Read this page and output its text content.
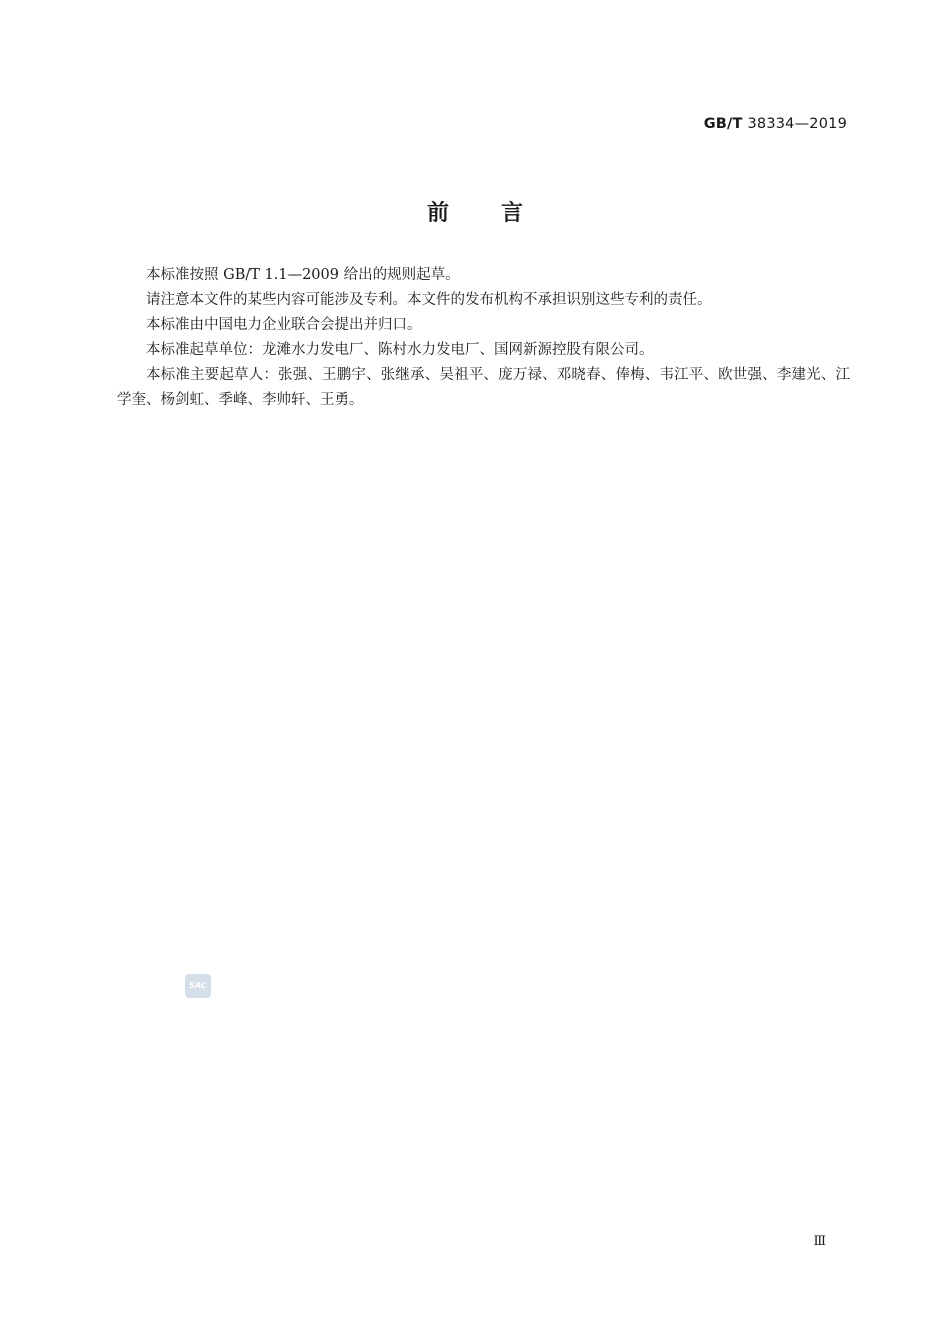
GB/T 38334—2019
前言

本标准按照 GB/T 1.1—2009 给出的规则起草。

请注意本文件的某些内容可能涉及专利。本文件的发布机构不承担识别这些专利的责任。

本标准由中国电力企业联合会提出并归口。

本标准起草单位：龙滩水力发电厂、陈村水力发电厂、国网新源控股有限公司。

本标准主要起草人：张强、王鹏宇、张继承、吴祖平、庞万禄、邓晓春、俸梅、韦江平、欧世强、李建光、江学奎、杨剑虹、季峰、李帅轩、王勇。

SAC
Ⅲ
